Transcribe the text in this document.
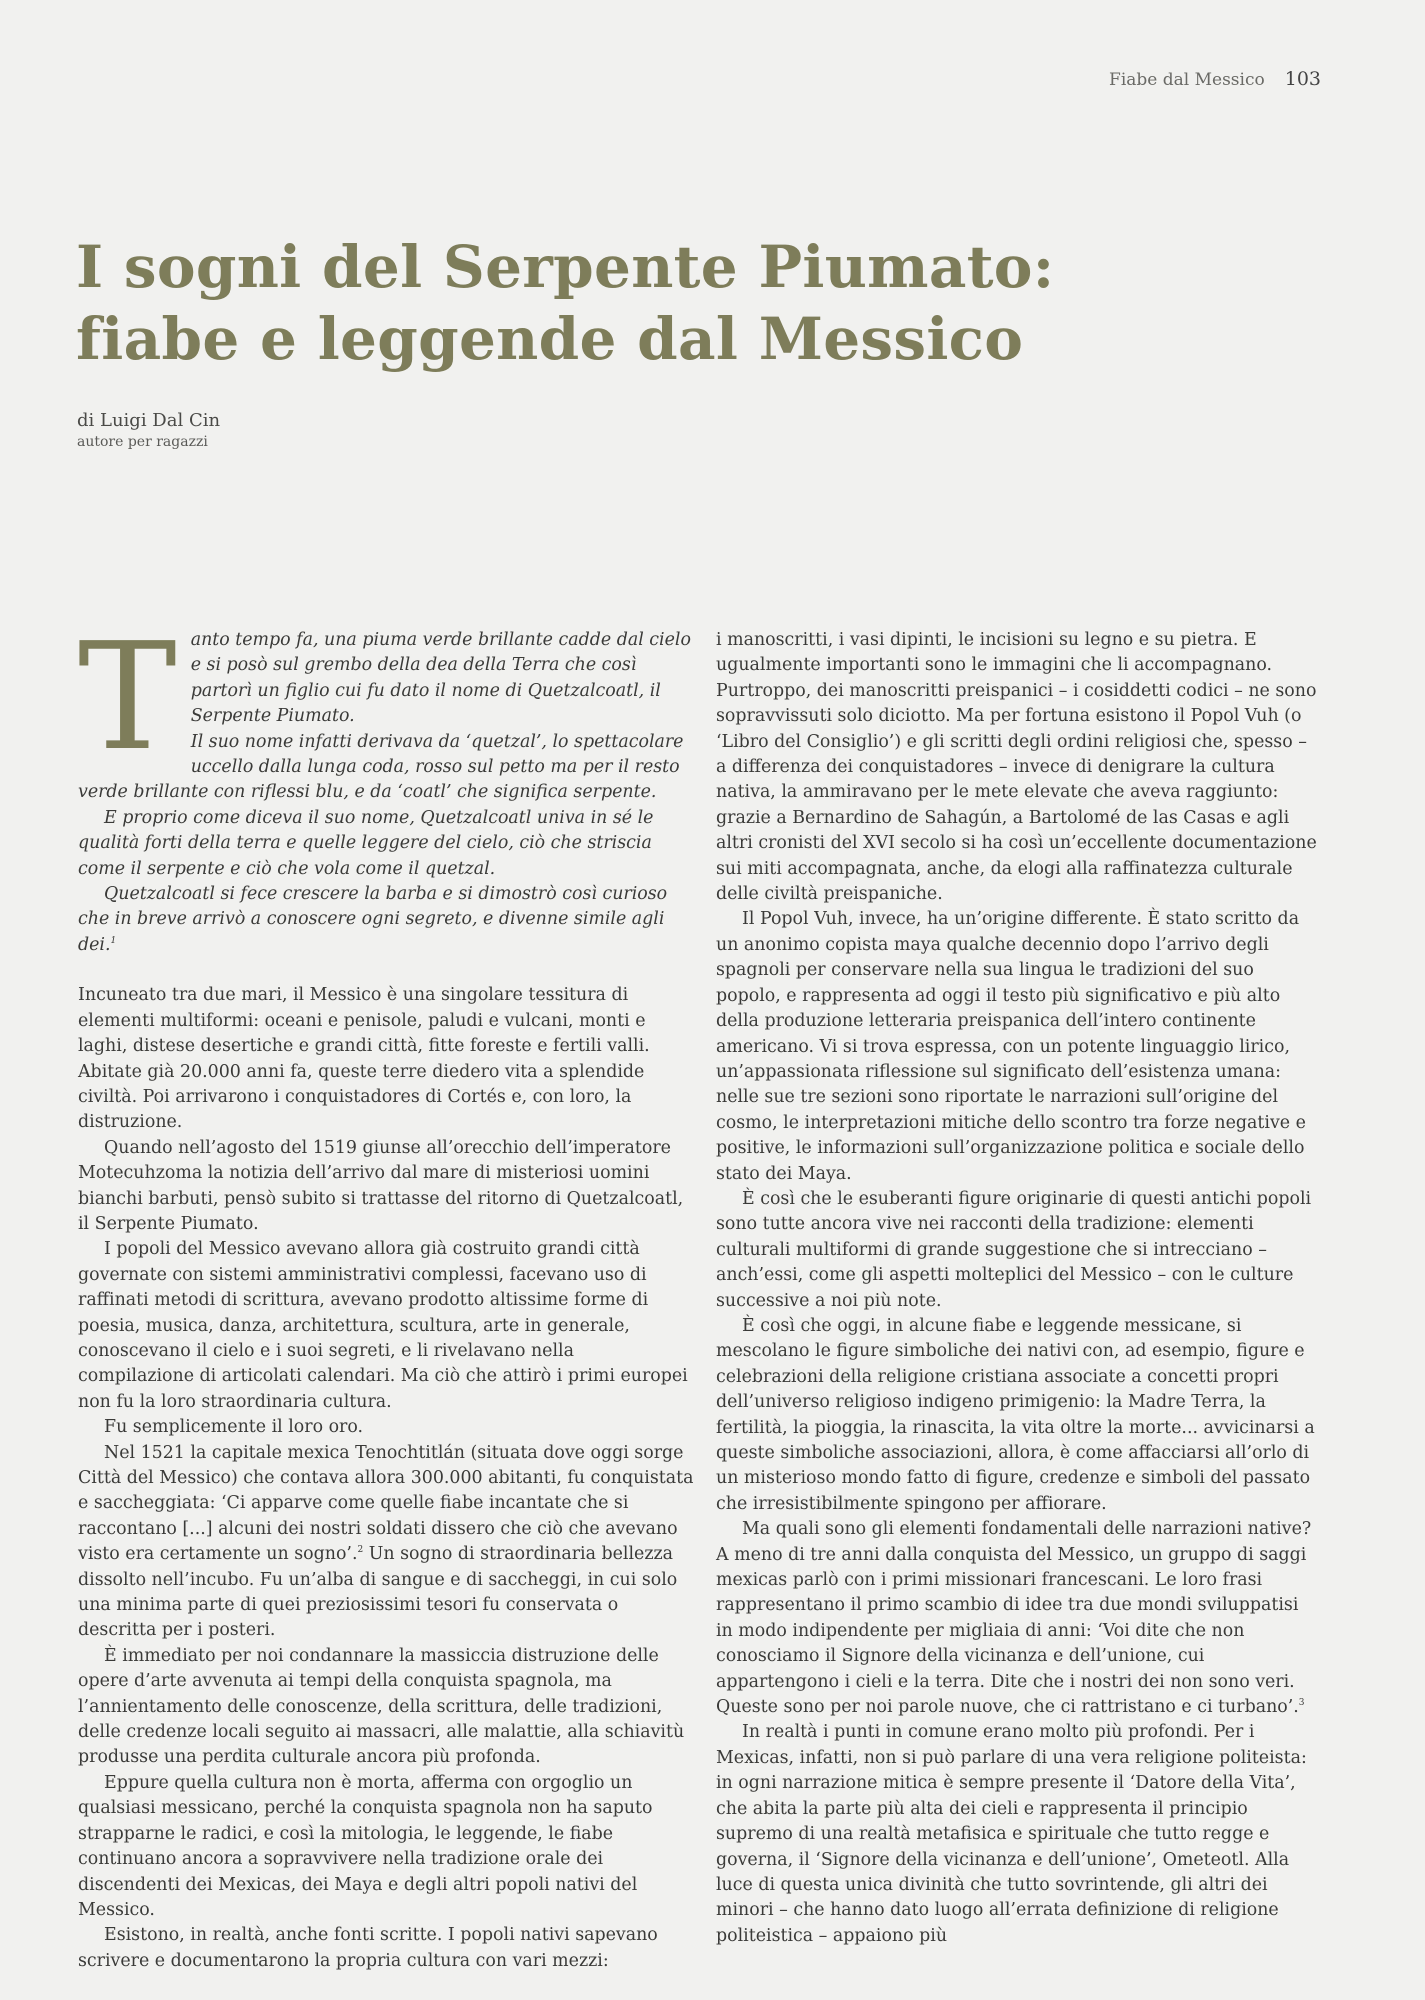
Fiabe dal Messico 103
I sogni del Serpente Piumato:
fiabe e leggende dal Messico
di Luigi Dal Cin
autore per ragazzi
T anto tempo fa, una piuma verde brillante cadde dal cielo e si posò sul grembo della dea della Terra che così partorì un figlio cui fu dato il nome di Quetzalcoatl, il Serpente Piumato.

Il suo nome infatti derivava da ‘quetzal’, lo spettacolare uccello dalla lunga coda, rosso sul petto ma per il resto verde brillante con riflessi blu, e da ‘coatl’ che significa serpente.

E proprio come diceva il suo nome, Quetzalcoatl univa in sé le qualità forti della terra e quelle leggere del cielo, ciò che striscia come il serpente e ciò che vola come il quetzal.

Quetzalcoatl si fece crescere la barba e si dimostrò così curioso che in breve arrivò a conoscere ogni segreto, e divenne simile agli dei.$^1$

Incuneato tra due mari, il Messico è una singolare tessitura di elementi multiformi: oceani e penisole, paludi e vulcani, monti e laghi, distese desertiche e grandi città, fitte foreste e fertili valli. Abitate già 20.000 anni fa, queste terre diedero vita a splendide civiltà. Poi arrivarono i conquistadores di Cortés e, con loro, la distruzione.

Quando nell’agosto del 1519 giunse all’orecchio dell’imperatore Motecuhzoma la notizia dell’arrivo dal mare di misteriosi uomini bianchi barbuti, pensò subito si trattasse del ritorno di Quetzalcoatl, il Serpente Piumato.

I popoli del Messico avevano allora già costruito grandi città governate con sistemi amministrativi complessi, facevano uso di raffinati metodi di scrittura, avevano prodotto altissime forme di poesia, musica, danza, architettura, scultura, arte in generale, conoscevano il cielo e i suoi segreti, e li rivelavano nella compilazione di articolati calendari. Ma ciò che attirò i primi europei non fu la loro straordinaria cultura.

Fu semplicemente il loro oro.

Nel 1521 la capitale mexica Tenochtitlán (situata dove oggi sorge Città del Messico) che contava allora 300.000 abitanti, fu conquistata e saccheggiata: ‘Ci apparve come quelle fiabe incantate che si raccontano [...] alcuni dei nostri soldati dissero che ciò che avevano visto era certamente un sogno’.$^2$ Un sogno di straordinaria bellezza dissolto nell’incubo. Fu un’alba di sangue e di saccheggi, in cui solo una minima parte di quei preziosissimi tesori fu conservata o descritta per i posteri.

È immediato per noi condannare la massiccia distruzione delle opere d’arte avvenuta ai tempi della conquista spagnola, ma l’annientamento delle conoscenze, della scrittura, delle tradizioni, delle credenze locali seguito ai massacri, alle malattie, alla schiavitù produsse una perdita culturale ancora più profonda.

Eppure quella cultura non è morta, afferma con orgoglio un qualsiasi messicano, perché la conquista spagnola non ha saputo strapparne le radici, e così la mitologia, le leggende, le fiabe continuano ancora a sopravvivere nella tradizione orale dei discendenti dei Mexicas, dei Maya e degli altri popoli nativi del Messico.

Esistono, in realtà, anche fonti scritte. I popoli nativi sapevano scrivere e documentarono la propria cultura con vari mezzi:

i manoscritti, i vasi dipinti, le incisioni su legno e su pietra. E ugualmente importanti sono le immagini che li accompagnano. Purtroppo, dei manoscritti preispanici – i cosiddetti codici – ne sono sopravvissuti solo diciotto. Ma per fortuna esistono il Popol Vuh (o ‘Libro del Consiglio’) e gli scritti degli ordini religiosi che, spesso – a differenza dei conquistadores – invece di denigrare la cultura nativa, la ammiravano per le mete elevate che aveva raggiunto: grazie a Bernardino de Sahagún, a Bartolomé de las Casas e agli altri cronisti del XVI secolo si ha così un’eccellente documentazione sui miti accompagnata, anche, da elogi alla raffinatezza culturale delle civiltà preispaniche.

Il Popol Vuh, invece, ha un’origine differente. È stato scritto da un anonimo copista maya qualche decennio dopo l’arrivo degli spagnoli per conservare nella sua lingua le tradizioni del suo popolo, e rappresenta ad oggi il testo più significativo e più alto della produzione letteraria preispanica dell’intero continente americano. Vi si trova espressa, con un potente linguaggio lirico, un’appassionata riflessione sul significato dell’esistenza umana: nelle sue tre sezioni sono riportate le narrazioni sull’origine del cosmo, le interpretazioni mitiche dello scontro tra forze negative e positive, le informazioni sull’organizzazione politica e sociale dello stato dei Maya.

È così che le esuberanti figure originarie di questi antichi popoli sono tutte ancora vive nei racconti della tradizione: elementi culturali multiformi di grande suggestione che si intrecciano – anch’essi, come gli aspetti molteplici del Messico – con le culture successive a noi più note.

È così che oggi, in alcune fiabe e leggende messicane, si mescolano le figure simboliche dei nativi con, ad esempio, figure e celebrazioni della religione cristiana associate a concetti propri dell’universo religioso indigeno primigenio: la Madre Terra, la fertilità, la pioggia, la rinascita, la vita oltre la morte... avvicinarsi a queste simboliche associazioni, allora, è come affacciarsi all’orlo di un misterioso mondo fatto di figure, credenze e simboli del passato che irresistibilmente spingono per affiorare.

Ma quali sono gli elementi fondamentali delle narrazioni native? A meno di tre anni dalla conquista del Messico, un gruppo di saggi mexicas parlò con i primi missionari francescani. Le loro frasi rappresentano il primo scambio di idee tra due mondi sviluppatisi in modo indipendente per migliaia di anni: ‘Voi dite che non conosciamo il Signore della vicinanza e dell’unione, cui appartengono i cieli e la terra. Dite che i nostri dei non sono veri. Queste sono per noi parole nuove, che ci rattristano e ci turbano’.$^3$

In realtà i punti in comune erano molto più profondi. Per i Mexicas, infatti, non si può parlare di una vera religione politeista: in ogni narrazione mitica è sempre presente il ‘Datore della Vita’, che abita la parte più alta dei cieli e rappresenta il principio supremo di una realtà metafisica e spirituale che tutto regge e governa, il ‘Signore della vicinanza e dell’unione’, Ometeotl. Alla luce di questa unica divinità che tutto sovrintende, gli altri dei minori – che hanno dato luogo all’errata definizione di religione politeistica – appaiono più
